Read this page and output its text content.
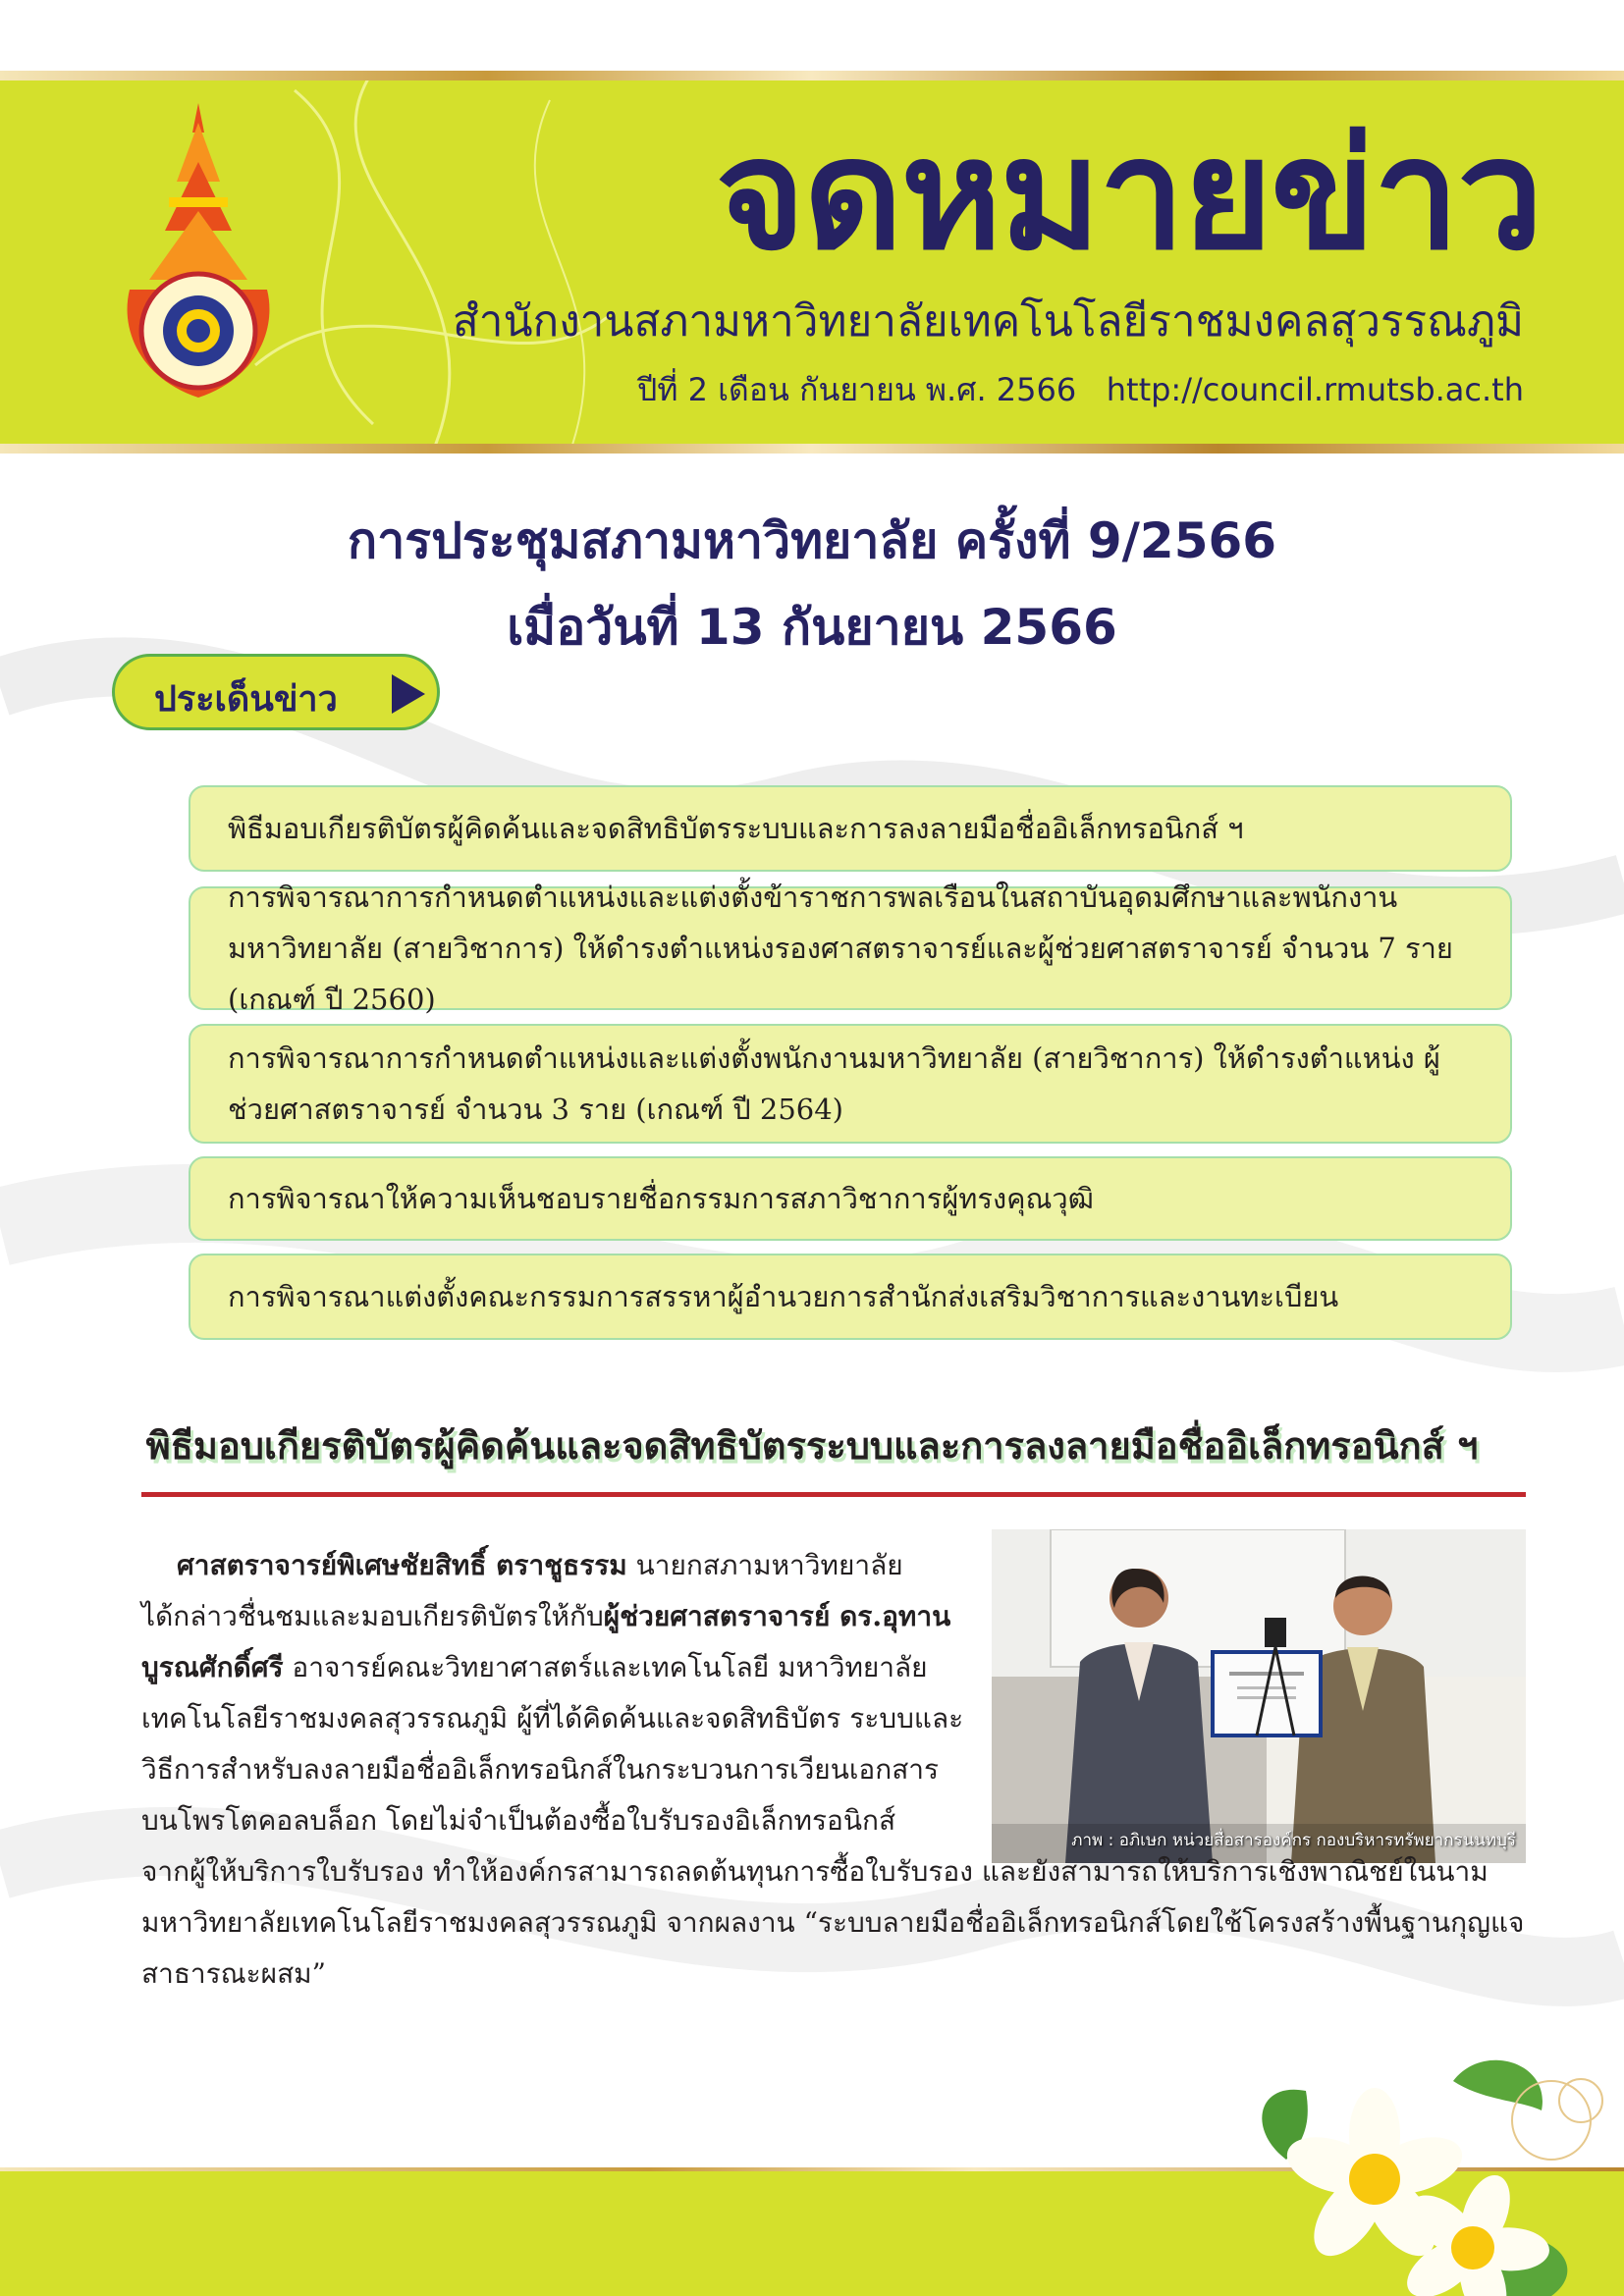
จดหมายข่าว
สำนักงานสภามหาวิทยาลัยเทคโนโลยีราชมงคลสุวรรณภูมิ
ปีที่ 2 เดือน กันยายน พ.ศ. 2566 http://council.rmutsb.ac.th
การประชุมสภามหาวิทยาลัย ครั้งที่ 9/2566
เมื่อวันที่ 13 กันยายน 2566
ประเด็นข่าว
พิธีมอบเกียรติบัตรผู้คิดค้นและจดสิทธิบัตรระบบและการลงลายมือชื่ออิเล็กทรอนิกส์ ฯ
การพิจารณาการกำหนดตำแหน่งและแต่งตั้งข้าราชการพลเรือนในสถาบันอุดมศึกษาและพนักงานมหาวิทยาลัย (สายวิชาการ) ให้ดำรงตำแหน่งรองศาสตราจารย์และผู้ช่วยศาสตราจารย์ จำนวน 7 ราย (เกณฑ์ ปี 2560)
การพิจารณาการกำหนดตำแหน่งและแต่งตั้งพนักงานมหาวิทยาลัย (สายวิชาการ) ให้ดำรงตำแหน่ง ผู้ช่วยศาสตราจารย์ จำนวน 3 ราย (เกณฑ์ ปี 2564)
การพิจารณาให้ความเห็นชอบรายชื่อกรรมการสภาวิชาการผู้ทรงคุณวุฒิ
การพิจารณาแต่งตั้งคณะกรรมการสรรหาผู้อำนวยการสำนักส่งเสริมวิชาการและงานทะเบียน
พิธีมอบเกียรติบัตรผู้คิดค้นและจดสิทธิบัตรระบบและการลงลายมือชื่ออิเล็กทรอนิกส์ ฯ
ภาพ : อภิเษก หน่วยสื่อสารองค์กร กองบริหารทรัพยากรนนทบุรี
ศาสตราจารย์พิเศษชัยสิทธิ์ ตราชูธรรม นายกสภามหาวิทยาลัย
ได้กล่าวชื่นชมและมอบเกียรติบัตรให้กับผู้ช่วยศาสตราจารย์ ดร.อุทาน
บูรณศักดิ์ศรี อาจารย์คณะวิทยาศาสตร์และเทคโนโลยี มหาวิทยาลัย
เทคโนโลยีราชมงคลสุวรรณภูมิ ผู้ที่ได้คิดค้นและจดสิทธิบัตร ระบบและ
วิธีการสำหรับลงลายมือชื่ออิเล็กทรอนิกส์ในกระบวนการเวียนเอกสาร
บนโพรโตคอลบล็อก โดยไม่จำเป็นต้องซื้อใบรับรองอิเล็กทรอนิกส์
จากผู้ให้บริการใบรับรอง ทำให้องค์กรสามารถลดต้นทุนการซื้อใบรับรอง และยังสามารถให้บริการเชิงพาณิชย์ในนาม
มหาวิทยาลัยเทคโนโลยีราชมงคลสุวรรณภูมิ จากผลงาน “ระบบลายมือชื่ออิเล็กทรอนิกส์โดยใช้โครงสร้างพื้นฐานกุญแจ
สาธารณะผสม”
